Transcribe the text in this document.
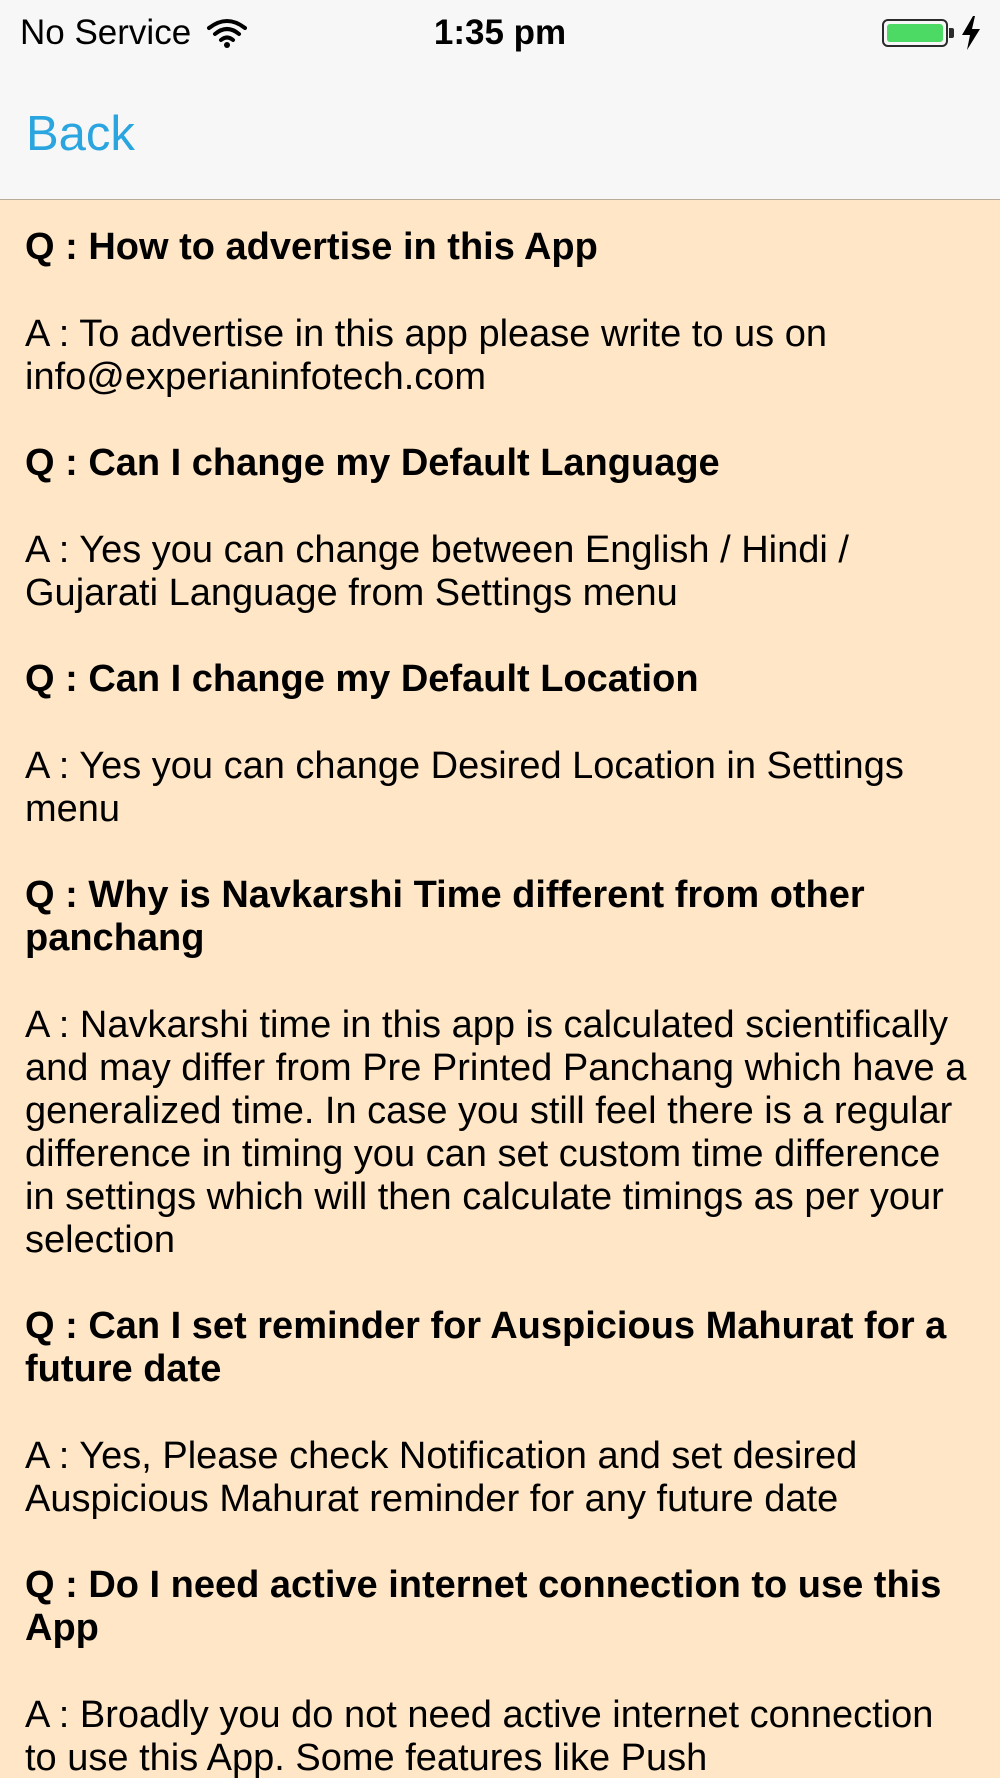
No Service	1:35 pm
Back

Q : How to advertise in this App

A : To advertise in this app please write to us on info@experianinfotech.com

Q : Can I change my Default Language

A : Yes you can change between English / Hindi / Gujarati Language from Settings menu

Q : Can I change my Default Location

A : Yes you can change Desired Location in Settings menu

Q : Why is Navkarshi Time different from other panchang

A : Navkarshi time in this app is calculated scientifically and may differ from Pre Printed Panchang which have a generalized time. In case you still feel there is a regular difference in timing you can set custom time difference in settings which will then calculate timings as per your selection

Q : Can I set reminder for Auspicious Mahurat for a future date

A : Yes, Please check Notification and set desired Auspicious Mahurat reminder for any future date

Q : Do I need active internet connection to use this App

A : Broadly you do not need active internet connection to use this App. Some features like Push
